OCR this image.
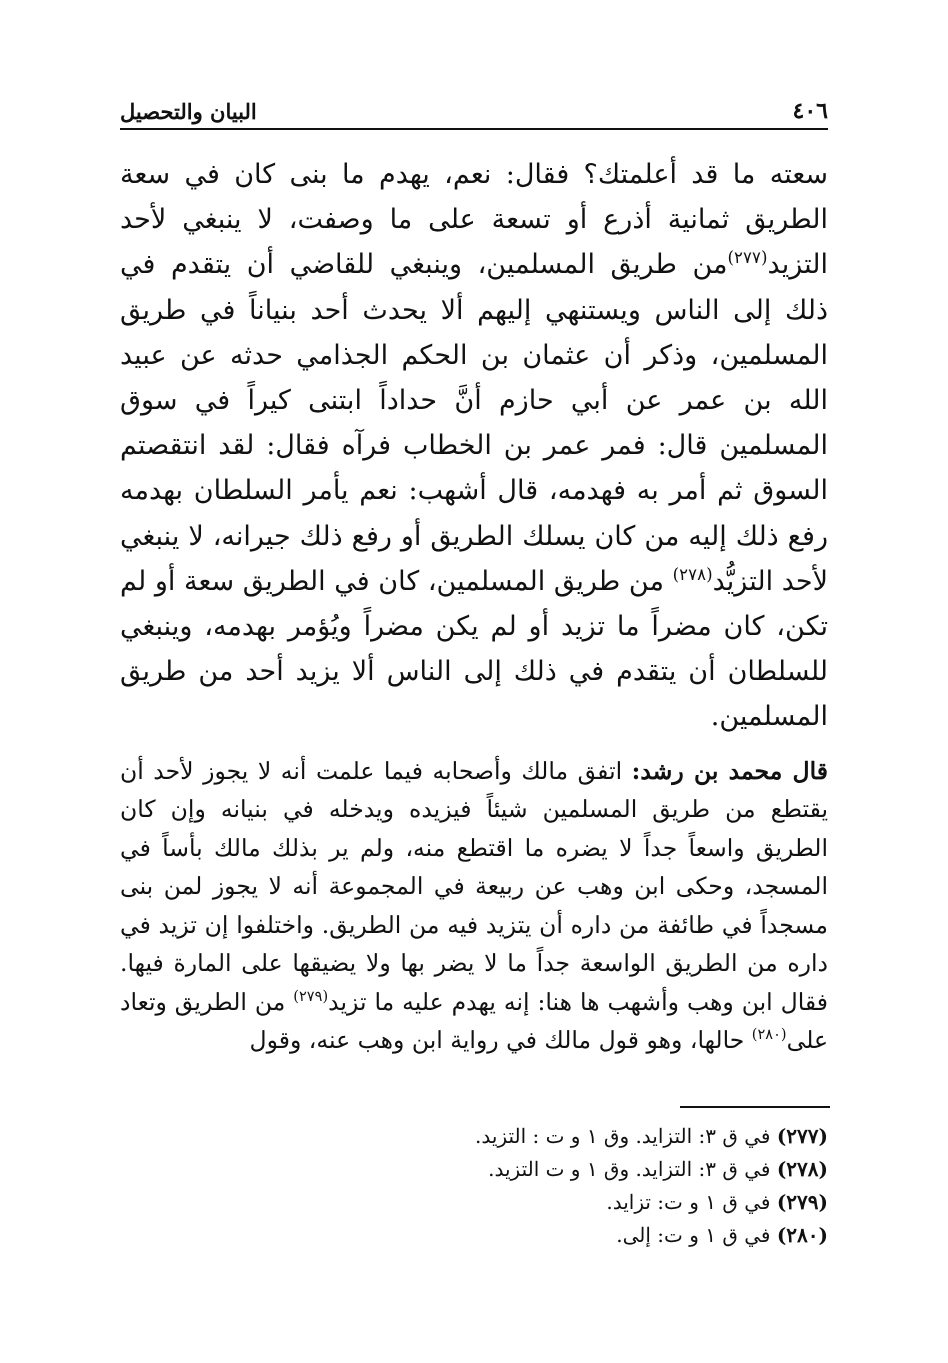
٤٠٦
البيان والتحصيل

سعته ما قد أعلمتك؟ فقال: نعم، يهدم ما بنى كان في سعة الطريق ثمانية أذرع أو تسعة على ما وصفت، لا ينبغي لأحد التزيد$^{(٢٧٧)}$من طريق المسلمين، وينبغي للقاضي أن يتقدم في ذلك إلى الناس ويستنهي إليهم ألا يحدث أحد بنياناً في طريق المسلمين، وذكر أن عثمان بن الحكم الجذامي حدثه عن عبيد الله بن عمر عن أبي حازم أنَّ حداداً ابتنى كيراً في سوق المسلمين قال: فمر عمر بن الخطاب فرآه فقال: لقد انتقصتم السوق ثم أمر به فهدمه، قال أشهب: نعم يأمر السلطان بهدمه رفع ذلك إليه من كان يسلك الطريق أو رفع ذلك جيرانه، لا ينبغي لأحد التزيُّد$^{(٢٧٨)}$ من طريق المسلمين، كان في الطريق سعة أو لم تكن، كان مضراً ما تزيد أو لم يكن مضراً ويُؤمر بهدمه، وينبغي للسلطان أن يتقدم في ذلك إلى الناس ألا يزيد أحد من طريق المسلمين.

قال محمد بن رشد: اتفق مالك وأصحابه فيما علمت أنه لا يجوز لأحد أن يقتطع من طريق المسلمين شيئاً فيزيده ويدخله في بنيانه وإن كان الطريق واسعاً جداً لا يضره ما اقتطع منه، ولم ير بذلك مالك بأساً في المسجد، وحكى ابن وهب عن ربيعة في المجموعة أنه لا يجوز لمن بنى مسجداً في طائفة من داره أن يتزيد فيه من الطريق. واختلفوا إن تزيد في داره من الطريق الواسعة جداً ما لا يضر بها ولا يضيقها على المارة فيها. فقال ابن وهب وأشهب ها هنا: إنه يهدم عليه ما تزيد$^{(٢٧٩)}$ من الطريق وتعاد على$^{(٢٨٠)}$ حالها، وهو قول مالك في رواية ابن وهب عنه، وقول

(٢٧٧) في ق ٣: التزايد. وق ١ و ت : التزيد.
(٢٧٨) في ق ٣: التزايد. وق ١ و ت التزيد.
(٢٧٩) في ق ١ و ت: تزايد.
(٢٨٠) في ق ١ و ت: إلى.
